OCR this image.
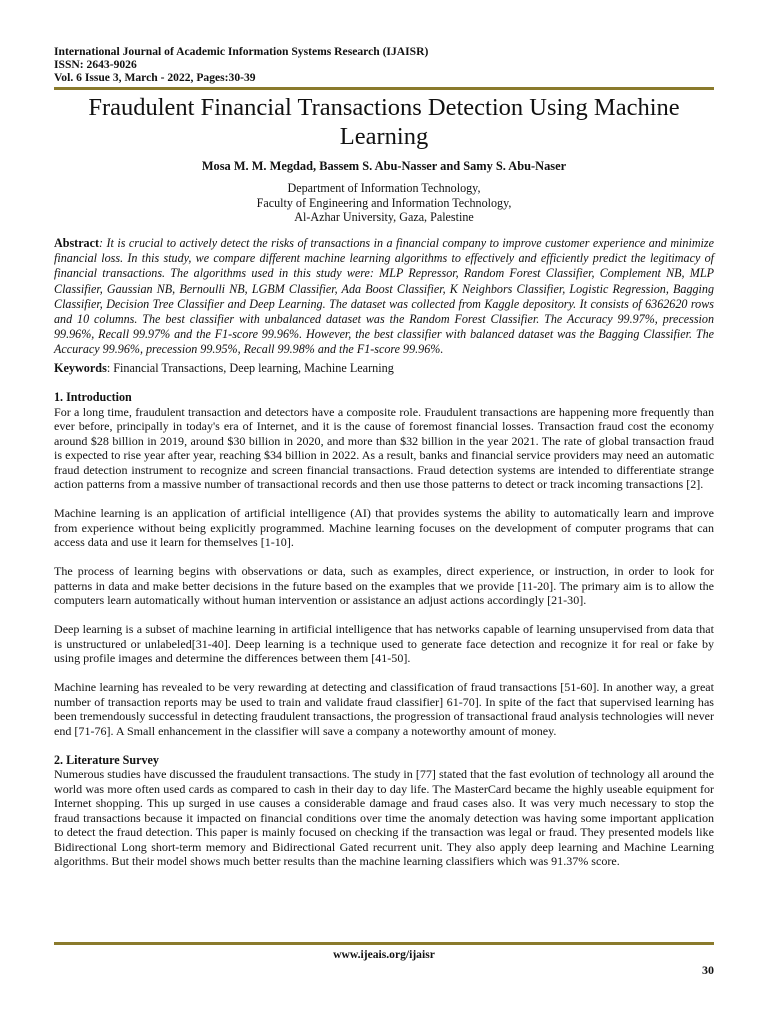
International Journal of Academic Information Systems Research (IJAISR)
ISSN: 2643-9026
Vol. 6 Issue 3, March - 2022, Pages:30-39
Fraudulent Financial Transactions Detection Using Machine Learning
Mosa M. M. Megdad, Bassem S. Abu-Nasser and Samy S. Abu-Naser
Department of Information Technology,
Faculty of Engineering and Information Technology,
Al-Azhar University, Gaza, Palestine
Abstract: It is crucial to actively detect the risks of transactions in a financial company to improve customer experience and minimize financial loss. In this study, we compare different machine learning algorithms to effectively and efficiently predict the legitimacy of financial transactions. The algorithms used in this study were: MLP Repressor, Random Forest Classifier, Complement NB, MLP Classifier, Gaussian NB, Bernoulli NB, LGBM Classifier, Ada Boost Classifier, K Neighbors Classifier, Logistic Regression, Bagging Classifier, Decision Tree Classifier and Deep Learning. The dataset was collected from Kaggle depository. It consists of 6362620 rows and 10 columns. The best classifier with unbalanced dataset was the Random Forest Classifier. The Accuracy 99.97%, precession 99.96%, Recall 99.97% and the F1-score 99.96%. However, the best classifier with balanced dataset was the Bagging Classifier. The Accuracy 99.96%, precession 99.95%, Recall 99.98% and the F1-score 99.96%.
Keywords: Financial Transactions, Deep learning, Machine Learning
1. Introduction

For a long time, fraudulent transaction and detectors have a composite role. Fraudulent transactions are happening more frequently than ever before, principally in today's era of Internet, and it is the cause of foremost financial losses. Transaction fraud cost the economy around $28 billion in 2019, around $30 billion in 2020, and more than $32 billion in the year 2021. The rate of global transaction fraud is expected to rise year after year, reaching $34 billion in 2022. As a result, banks and financial service providers may need an automatic fraud detection instrument to recognize and screen financial transactions. Fraud detection systems are intended to differentiate strange action patterns from a massive number of transactional records and then use those patterns to detect or track incoming transactions [2].

Machine learning is an application of artificial intelligence (AI) that provides systems the ability to automatically learn and improve from experience without being explicitly programmed. Machine learning focuses on the development of computer programs that can access data and use it learn for themselves [1-10].

The process of learning begins with observations or data, such as examples, direct experience, or instruction, in order to look for patterns in data and make better decisions in the future based on the examples that we provide [11-20]. The primary aim is to allow the computers learn automatically without human intervention or assistance an adjust actions accordingly [21-30].

Deep learning is a subset of machine learning in artificial intelligence that has networks capable of learning unsupervised from data that is unstructured or unlabeled[31-40]. Deep learning is a technique used to generate face detection and recognize it for real or fake by using profile images and determine the differences between them [41-50].

Machine learning has revealed to be very rewarding at detecting and classification of fraud transactions [51-60]. In another way, a great number of transaction reports may be used to train and validate fraud classifier] 61-70]. In spite of the fact that supervised learning has been tremendously successful in detecting fraudulent transactions, the progression of transactional fraud analysis technologies will never end [71-76]. A Small enhancement in the classifier will save a company a noteworthy amount of money.

2. Literature Survey

Numerous studies have discussed the fraudulent transactions. The study in [77] stated that the fast evolution of technology all around the world was more often used cards as compared to cash in their day to day life. The MasterCard became the highly useable equipment for Internet shopping. This up surged in use causes a considerable damage and fraud cases also. It was very much necessary to stop the fraud transactions because it impacted on financial conditions over time the anomaly detection was having some important application to detect the fraud detection. This paper is mainly focused on checking if the transaction was legal or fraud. They presented models like Bidirectional Long short-term memory and Bidirectional Gated recurrent unit. They also apply deep learning and Machine Learning algorithms. But their model shows much better results than the machine learning classifiers which was 91.37% score.

www.ijeais.org/ijaisr
30
